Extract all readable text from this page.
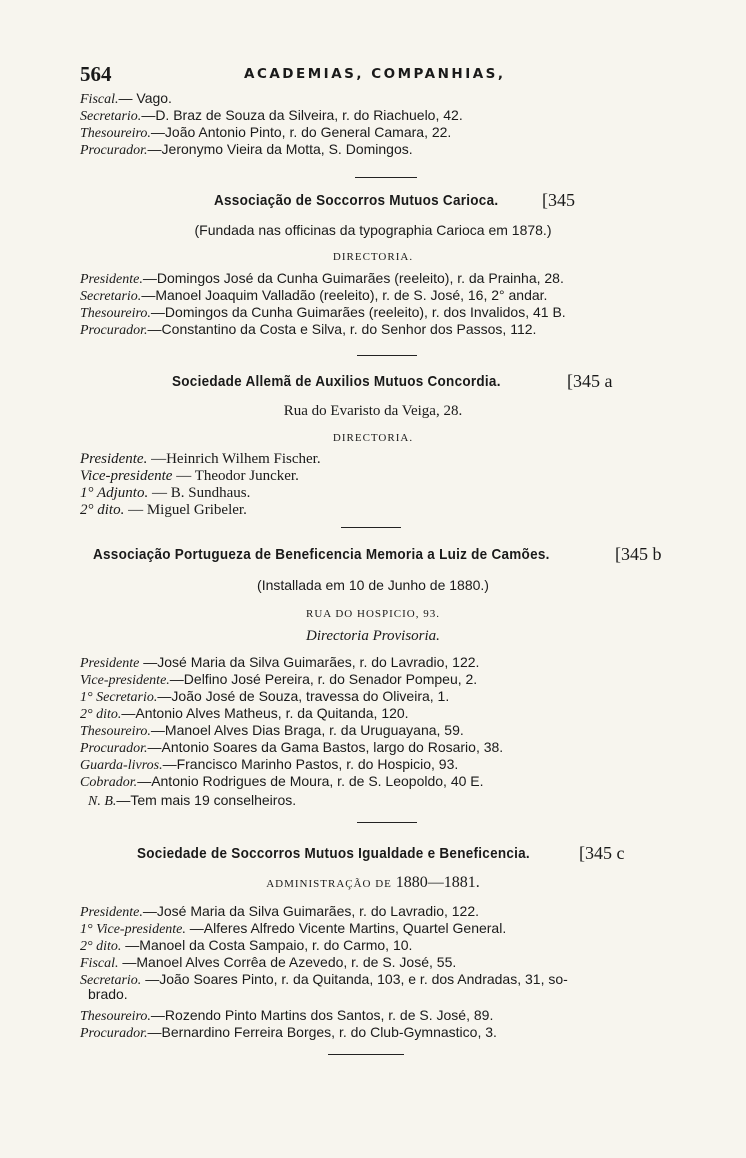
564	ACADEMIAS, COMPANHIAS,
Fiscal.— Vago.
Secretario.—D. Braz de Souza da Silveira, r. do Riachuelo, 42.
Thesoureiro.—João Antonio Pinto, r. do General Camara, 22.
Procurador.—Jeronymo Vieira da Motta, S. Domingos.
Associação de Soccorros Mutuos Carioca. [345
(Fundada nas officinas da typographia Carioca em 1878.)
DIRECTORIA.
Presidente.—Domingos José da Cunha Guimarães (reeleito), r. da Prainha, 28.
Secretario.—Manoel Joaquim Valladão (reeleito), r. de S. José, 16, 2° andar.
Thesoureiro.—Domingos da Cunha Guimarães (reeleito), r. dos Invalidos, 41 B.
Procurador.—Constantino da Costa e Silva, r. do Senhor dos Passos, 112.
Sociedade Allemã de Auxilios Mutuos Concordia.	[345 a
Rua do Evaristo da Veiga, 28.
DIRECTORIA.
Presidente. —Heinrich Wilhem Fischer.
Vice-presidente — Theodor Juncker.
1° Adjunto. — B. Sundhaus.
2° dito. — Miguel Gribeler.
Associação Portugueza de Beneficencia Memoria a Luiz de Camões.	[345 b
(Installada em 10 de Junho de 1880.)
RUA DO HOSPICIO, 93.
Directoria Provisoria.
Presidente —José Maria da Silva Guimarães, r. do Lavradio, 122.
Vice-presidente.—Delfino José Pereira, r. do Senador Pompeu, 2.
1° Secretario.—João José de Souza, travessa do Oliveira, 1.
2° dito.—Antonio Alves Matheus, r. da Quitanda, 120.
Thesoureiro.—Manoel Alves Dias Braga, r. da Uruguayana, 59.
Procurador.—Antonio Soares da Gama Bastos, largo do Rosario, 38.
Guarda-livros.—Francisco Marinho Pastos, r. do Hospicio, 93.
Cobrador.—Antonio Rodrigues de Moura, r. de S. Leopoldo, 40 E.
N. B.—Tem mais 19 conselheiros.
Sociedade de Soccorros Mutuos Igualdade e Beneficencia.	[345 c
ADMINISTRAÇÃO DE 1880—1881.
Presidente.—José Maria da Silva Guimarães, r. do Lavradio, 122.
1° Vice-presidente. —Alferes Alfredo Vicente Martins, Quartel General.
2° dito. —Manoel da Costa Sampaio, r. do Carmo, 10.
Fiscal. —Manoel Alves Corrêa de Azevedo, r. de S. José, 55.
Secretario. —João Soares Pinto, r. da Quitanda, 103, e r. dos Andradas, 31, so-
brado.
Thesoureiro.—Rozendo Pinto Martins dos Santos, r. de S. José, 89.
Procurador.—Bernardino Ferreira Borges, r. do Club-Gymnastico, 3.
